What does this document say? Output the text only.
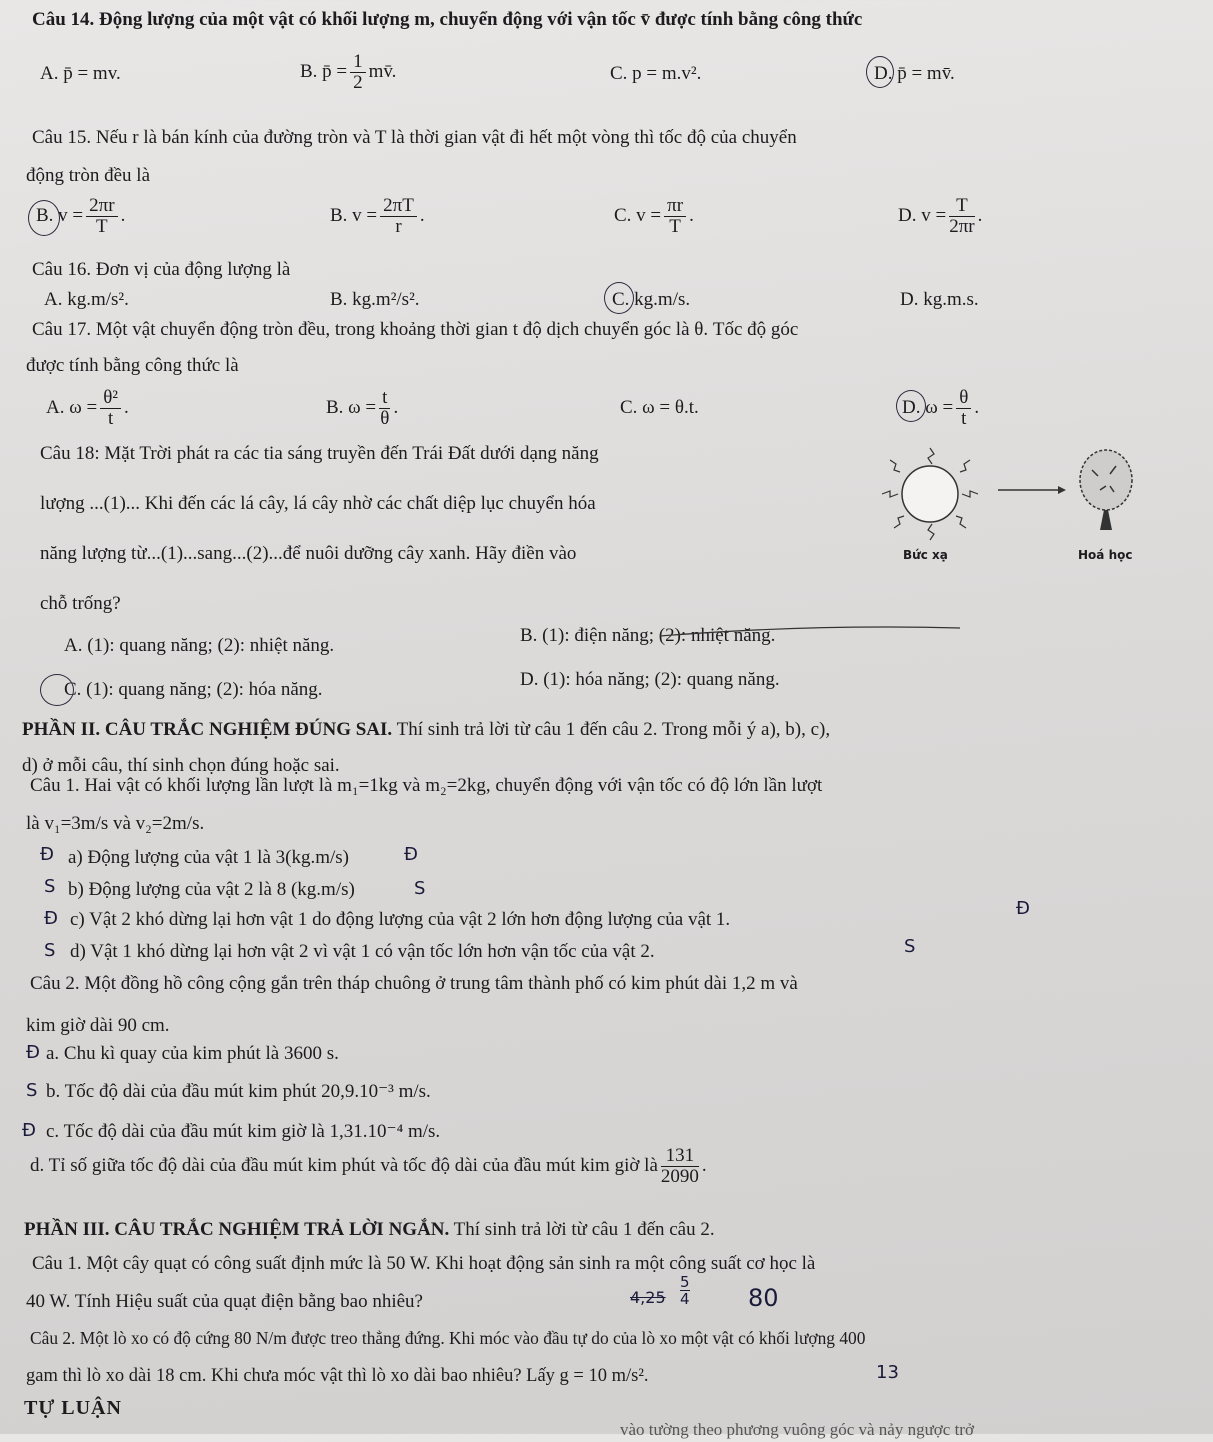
Câu 14. Động lượng của một vật có khối lượng m, chuyển động với vận tốc v̄ được tính bằng công thức
A. p̄ = mv.	B. p̄ = $\frac{1}{2}$ mv̄.	C. p = m.v².	D. p̄ = mv̄.
Câu 15. Nếu r là bán kính của đường tròn và T là thời gian vật đi hết một vòng thì tốc độ của chuyển
động tròn đều là
B. $v = \frac{2\pi r}{T}$ .	B. $v = \frac{2\pi T}{r}$ .	C. $v = \frac{\pi r}{T}$ .	D. $v = \frac{T}{2\pi r}$ .
Câu 16. Đơn vị của động lượng là
A. kg.m/s².	B. kg.m²/s².	C. kg.m/s.	D. kg.m.s.
Câu 17. Một vật chuyển động tròn đều, trong khoảng thời gian t độ dịch chuyển góc là θ. Tốc độ góc
được tính bằng công thức là
A. $\omega = \frac{\text{θ²}}{t}$ .	B. $\omega = \frac{t}{\theta}$ .	C. ω = θ.t.	D. $\omega = \frac{\theta}{t}$ .
Câu 18: Mặt Trời phát ra các tia sáng truyền đến Trái Đất dưới dạng năng
lượng ...(1)... Khi đến các lá cây, lá cây nhờ các chất diệp lục chuyển hóa
năng lượng từ...(1)...sang...(2)...để nuôi dưỡng cây xanh. Hãy điền vào
chỗ trống?
Bức xạ	Hoá học
A. (1): quang năng; (2): nhiệt năng.	B. (1): điện năng; (2): nhiệt năng.
C. (1): quang năng; (2): hóa năng.	D. (1): hóa năng; (2): quang năng.
PHẦN II. CÂU TRẮC NGHIỆM ĐÚNG SAI. Thí sinh trả lời từ câu 1 đến câu 2. Trong mỗi ý a), b), c),
d) ở mỗi câu, thí sinh chọn đúng hoặc sai.
Câu 1. Hai vật có khối lượng lần lượt là m₁=1kg và m₂=2kg, chuyển động với vận tốc có độ lớn lần lượt
là v₁=3m/s và v₂=2m/s.
Đ a) Động lượng của vật 1 là 3(kg.m/s)	Đ
S b) Động lượng của vật 2 là 8 (kg.m/s)	S
Đ c) Vật 2 khó dừng lại hơn vật 1 do động lượng của vật 2 lớn hơn động lượng của vật 1.
Đ
S d) Vật 1 khó dừng lại hơn vật 2 vì vật 1 có vận tốc lớn hơn vận tốc của vật 2.	S
Câu 2. Một đồng hồ công cộng gắn trên tháp chuông ở trung tâm thành phố có kim phút dài 1,2 m và
kim giờ dài 90 cm.
Đ a. Chu kì quay của kim phút là 3600 s.
S b. Tốc độ dài của đầu mút kim phút 20,9.10⁻³ m/s.
Đ c. Tốc độ dài của đầu mút kim giờ là 1,31.10⁻⁴ m/s.
d. Tỉ số giữa tốc độ dài của đầu mút kim phút và tốc độ dài của đầu mút kim giờ là $\frac{131}{2090}$ .
PHẦN III. CÂU TRẮC NGHIỆM TRẢ LỜI NGẮN. Thí sinh trả lời từ câu 1 đến câu 2.
Câu 1. Một cây quạt có công suất định mức là 50 W. Khi hoạt động sản sinh ra một công suất cơ học là
40 W. Tính Hiệu suất của quạt điện bằng bao nhiêu?	4,25
5
4 80
Câu 2. Một lò xo có độ cứng 80 N/m được treo thẳng đứng. Khi móc vào đầu tự do của lò xo một vật có khối lượng 400
gam thì lò xo dài 18 cm. Khi chưa móc vật thì lò xo dài bao nhiêu? Lấy g = 10 m/s².	13
TỰ LUẬN
vào tường theo phương vuông góc và nảy ngược trở
